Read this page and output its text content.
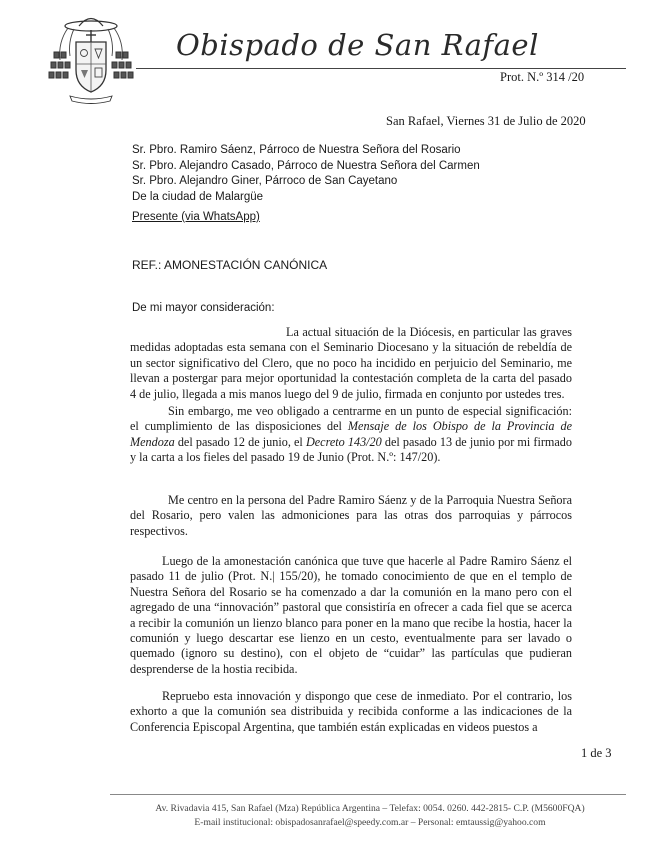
Obispado de San Rafael
Prot. N.º 314 /20
San Rafael, Viernes 31 de Julio de 2020
Sr. Pbro. Ramiro Sáenz, Párroco de Nuestra Señora del Rosario
Sr. Pbro. Alejandro Casado, Párroco de Nuestra Señora del Carmen
Sr. Pbro. Alejandro Giner, Párroco de San Cayetano
De la ciudad de Malargüe
Presente (via WhatsApp)
REF.: AMONESTACIÓN CANÓNICA
De mi mayor consideración:

La actual situación de la Diócesis, en particular las graves medidas adoptadas esta semana con el Seminario Diocesano y la situación de rebeldía de un sector significativo del Clero, que no poco ha incidido en perjuicio del Seminario, me llevan a postergar para mejor oportunidad la contestación completa de la carta del pasado 4 de julio, llegada a mis manos luego del 9 de julio, firmada en conjunto por ustedes tres.

Sin embargo, me veo obligado a centrarme en un punto de especial significación: el cumplimiento de las disposiciones del Mensaje de los Obispo de la Provincia de Mendoza del pasado 12 de junio, el Decreto 143/20 del pasado 13 de junio por mi firmado y la carta a los fieles del pasado 19 de Junio (Prot. N.º: 147/20).

Me centro en la persona del Padre Ramiro Sáenz y de la Parroquia Nuestra Señora del Rosario, pero valen las admoniciones para las otras dos parroquias y párrocos respectivos.

Luego de la amonestación canónica que tuve que hacerle al Padre Ramiro Sáenz el pasado 11 de julio (Prot. N.| 155/20), he tomado conocimiento de que en el templo de Nuestra Señora del Rosario se ha comenzado a dar la comunión en la mano pero con el agregado de una “innovación” pastoral que consistiría en ofrecer a cada fiel que se acerca a recibir la comunión un lienzo blanco para poner en la mano que recibe la hostia, hacer la comunión y luego descartar ese lienzo en un cesto, eventualmente para ser lavado o quemado (ignoro su destino), con el objeto de “cuidar” las partículas que pudieran desprenderse de la hostia recibida.

Repruebo esta innovación y dispongo que cese de inmediato. Por el contrario, los exhorto a que la comunión sea distribuida y recibida conforme a las indicaciones de la Conferencia Episcopal Argentina, que también están explicadas en videos puestos a

1 de 3
Av. Rivadavia 415, San Rafael (Mza) República Argentina – Telefax: 0054. 0260. 442-2815- C.P. (M5600FQA)
E-mail institucional: obispadosanrafael@speedy.com.ar – Personal: emtaussig@yahoo.com
